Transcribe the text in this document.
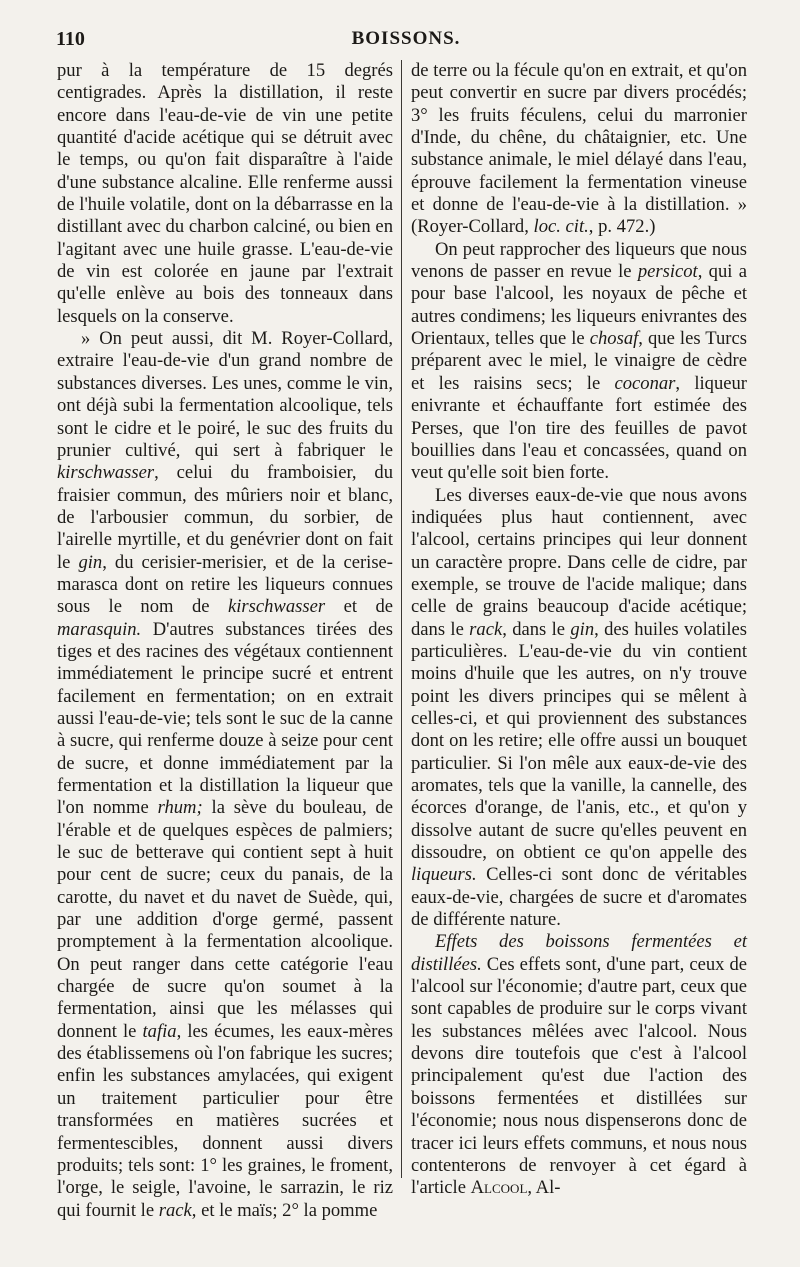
110	BOISSONS.

pur à la température de 15 degrés centigrades. Après la distillation, il reste encore dans l'eau-de-vie de vin une petite quantité d'acide acétique qui se détruit avec le temps, ou qu'on fait disparaître à l'aide d'une substance alcaline. Elle renferme aussi de l'huile volatile, dont on la débarrasse en la distillant avec du charbon calciné, ou bien en l'agitant avec une huile grasse. L'eau-de-vie de vin est colorée en jaune par l'extrait qu'elle enlève au bois des tonneaux dans lesquels on la conserve.

» On peut aussi, dit M. Royer-Collard, extraire l'eau-de-vie d'un grand nombre de substances diverses. Les unes, comme le vin, ont déjà subi la fermentation alcoolique, tels sont le cidre et le poiré, le suc des fruits du prunier cultivé, qui sert à fabriquer le kirschwasser, celui du framboisier, du fraisier commun, des mûriers noir et blanc, de l'arbousier commun, du sorbier, de l'airelle myrtille, et du genévrier dont on fait le gin, du cerisier-merisier, et de la cerise-marasca dont on retire les liqueurs connues sous le nom de kirschwasser et de marasquin. D'autres substances tirées des tiges et des racines des végétaux contiennent immédiatement le principe sucré et entrent facilement en fermentation; on en extrait aussi l'eau-de-vie; tels sont le suc de la canne à sucre, qui renferme douze à seize pour cent de sucre, et donne immédiatement par la fermentation et la distillation la liqueur que l'on nomme rhum; la sève du bouleau, de l'érable et de quelques espèces de palmiers; le suc de betterave qui contient sept à huit pour cent de sucre; ceux du panais, de la carotte, du navet et du navet de Suède, qui, par une addition d'orge germé, passent promptement à la fermentation alcoolique. On peut ranger dans cette catégorie l'eau chargée de sucre qu'on soumet à la fermentation, ainsi que les mélasses qui donnent le tafia, les écumes, les eaux-mères des établissemens où l'on fabrique les sucres; enfin les substances amylacées, qui exigent un traitement particulier pour être transformées en matières sucrées et fermentescibles, donnent aussi divers produits; tels sont: 1° les graines, le froment, l'orge, le seigle, l'avoine, le sarrazin, le riz qui fournit le rack, et le maïs; 2° la pomme

de terre ou la fécule qu'on en extrait, et qu'on peut convertir en sucre par divers procédés; 3° les fruits féculens, celui du marronier d'Inde, du chêne, du châtaignier, etc. Une substance animale, le miel délayé dans l'eau, éprouve facilement la fermentation vineuse et donne de l'eau-de-vie à la distillation. » (Royer-Collard, loc. cit., p. 472.)

On peut rapprocher des liqueurs que nous venons de passer en revue le persicot, qui a pour base l'alcool, les noyaux de pêche et autres condimens; les liqueurs enivrantes des Orientaux, telles que le chosaf, que les Turcs préparent avec le miel, le vinaigre de cèdre et les raisins secs; le coconar, liqueur enivrante et échauffante fort estimée des Perses, que l'on tire des feuilles de pavot bouillies dans l'eau et concassées, quand on veut qu'elle soit bien forte.

Les diverses eaux-de-vie que nous avons indiquées plus haut contiennent, avec l'alcool, certains principes qui leur donnent un caractère propre. Dans celle de cidre, par exemple, se trouve de l'acide malique; dans celle de grains beaucoup d'acide acétique; dans le rack, dans le gin, des huiles volatiles particulières. L'eau-de-vie du vin contient moins d'huile que les autres, on n'y trouve point les divers principes qui se mêlent à celles-ci, et qui proviennent des substances dont on les retire; elle offre aussi un bouquet particulier. Si l'on mêle aux eaux-de-vie des aromates, tels que la vanille, la cannelle, des écorces d'orange, de l'anis, etc., et qu'on y dissolve autant de sucre qu'elles peuvent en dissoudre, on obtient ce qu'on appelle des liqueurs. Celles-ci sont donc de véritables eaux-de-vie, chargées de sucre et d'aromates de différente nature.

Effets des boissons fermentées et distillées. Ces effets sont, d'une part, ceux de l'alcool sur l'économie; d'autre part, ceux que sont capables de produire sur le corps vivant les substances mêlées avec l'alcool. Nous devons dire toutefois que c'est à l'alcool principalement qu'est due l'action des boissons fermentées et distillées sur l'économie; nous nous dispenserons donc de tracer ici leurs effets communs, et nous nous contenterons de renvoyer à cet égard à l'article Alcool, Al-
